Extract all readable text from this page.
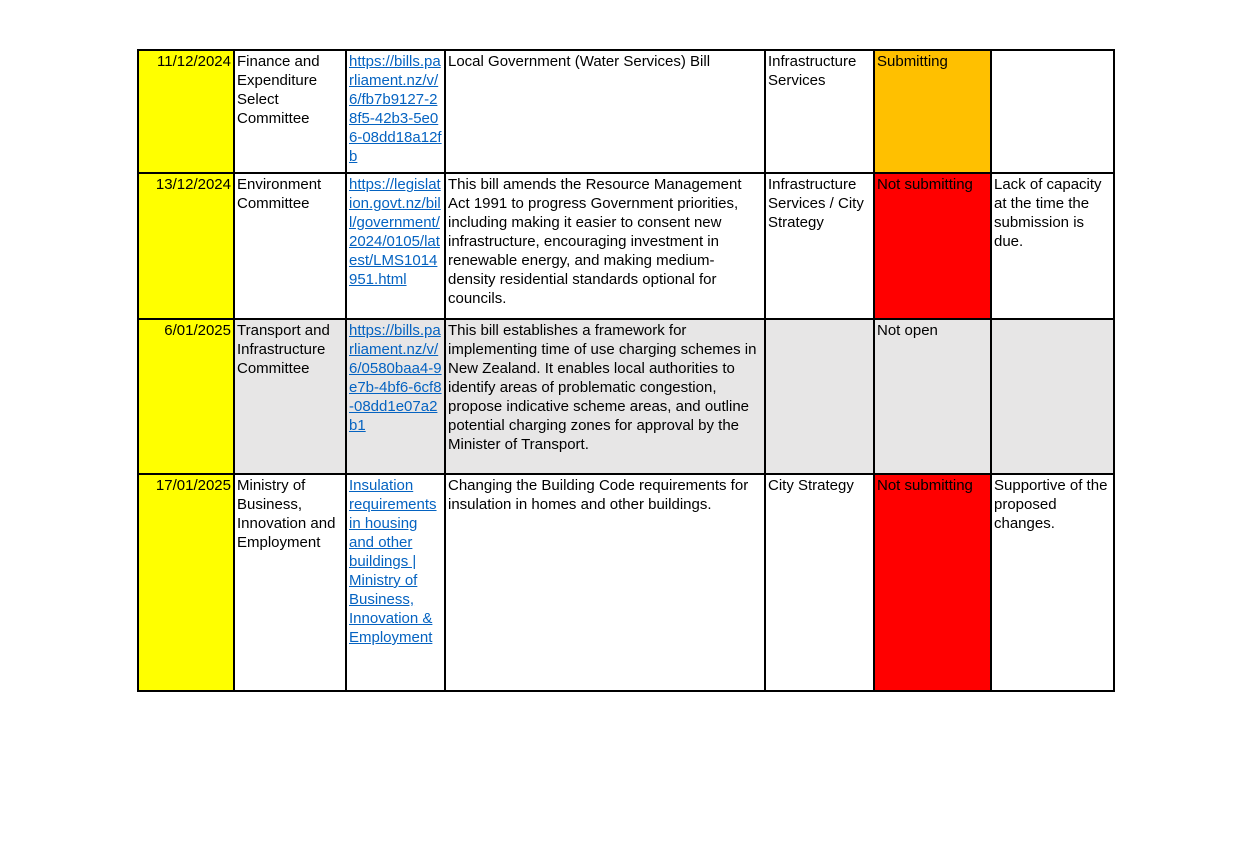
11/12/2024	Finance and Expenditure Select Committee	https://bills.parliament.nz/v/6/fb7b9127-28f5-42b3-5e06-08dd18a12fb	Local Government (Water Services) Bill	Infrastructure Services	Submitting	
13/12/2024	Environment Committee	https://legislation.govt.nz/bill/government/2024/0105/latest/LMS1014951.html	This bill amends the Resource Management Act 1991 to progress Government priorities, including making it easier to consent new infrastructure, encouraging investment in renewable energy, and making medium-density residential standards optional for councils.	Infrastructure Services / City Strategy	Not submitting	Lack of capacity at the time the submission is due.
6/01/2025	Transport and Infrastructure Committee	https://bills.parliament.nz/v/6/0580baa4-9e7b-4bf6-6cf8-08dd1e07a2b1	This bill establishes a framework for implementing time of use charging schemes in New Zealand. It enables local authorities to identify areas of problematic congestion, propose indicative scheme areas, and outline potential charging zones for approval by the Minister of Transport.		Not open	
17/01/2025	Ministry of Business, Innovation and Employment	Insulation requirements in housing and other buildings | Ministry of Business, Innovation & Employment	Changing the Building Code requirements for insulation in homes and other buildings.	City Strategy	Not submitting	Supportive of the proposed changes.
